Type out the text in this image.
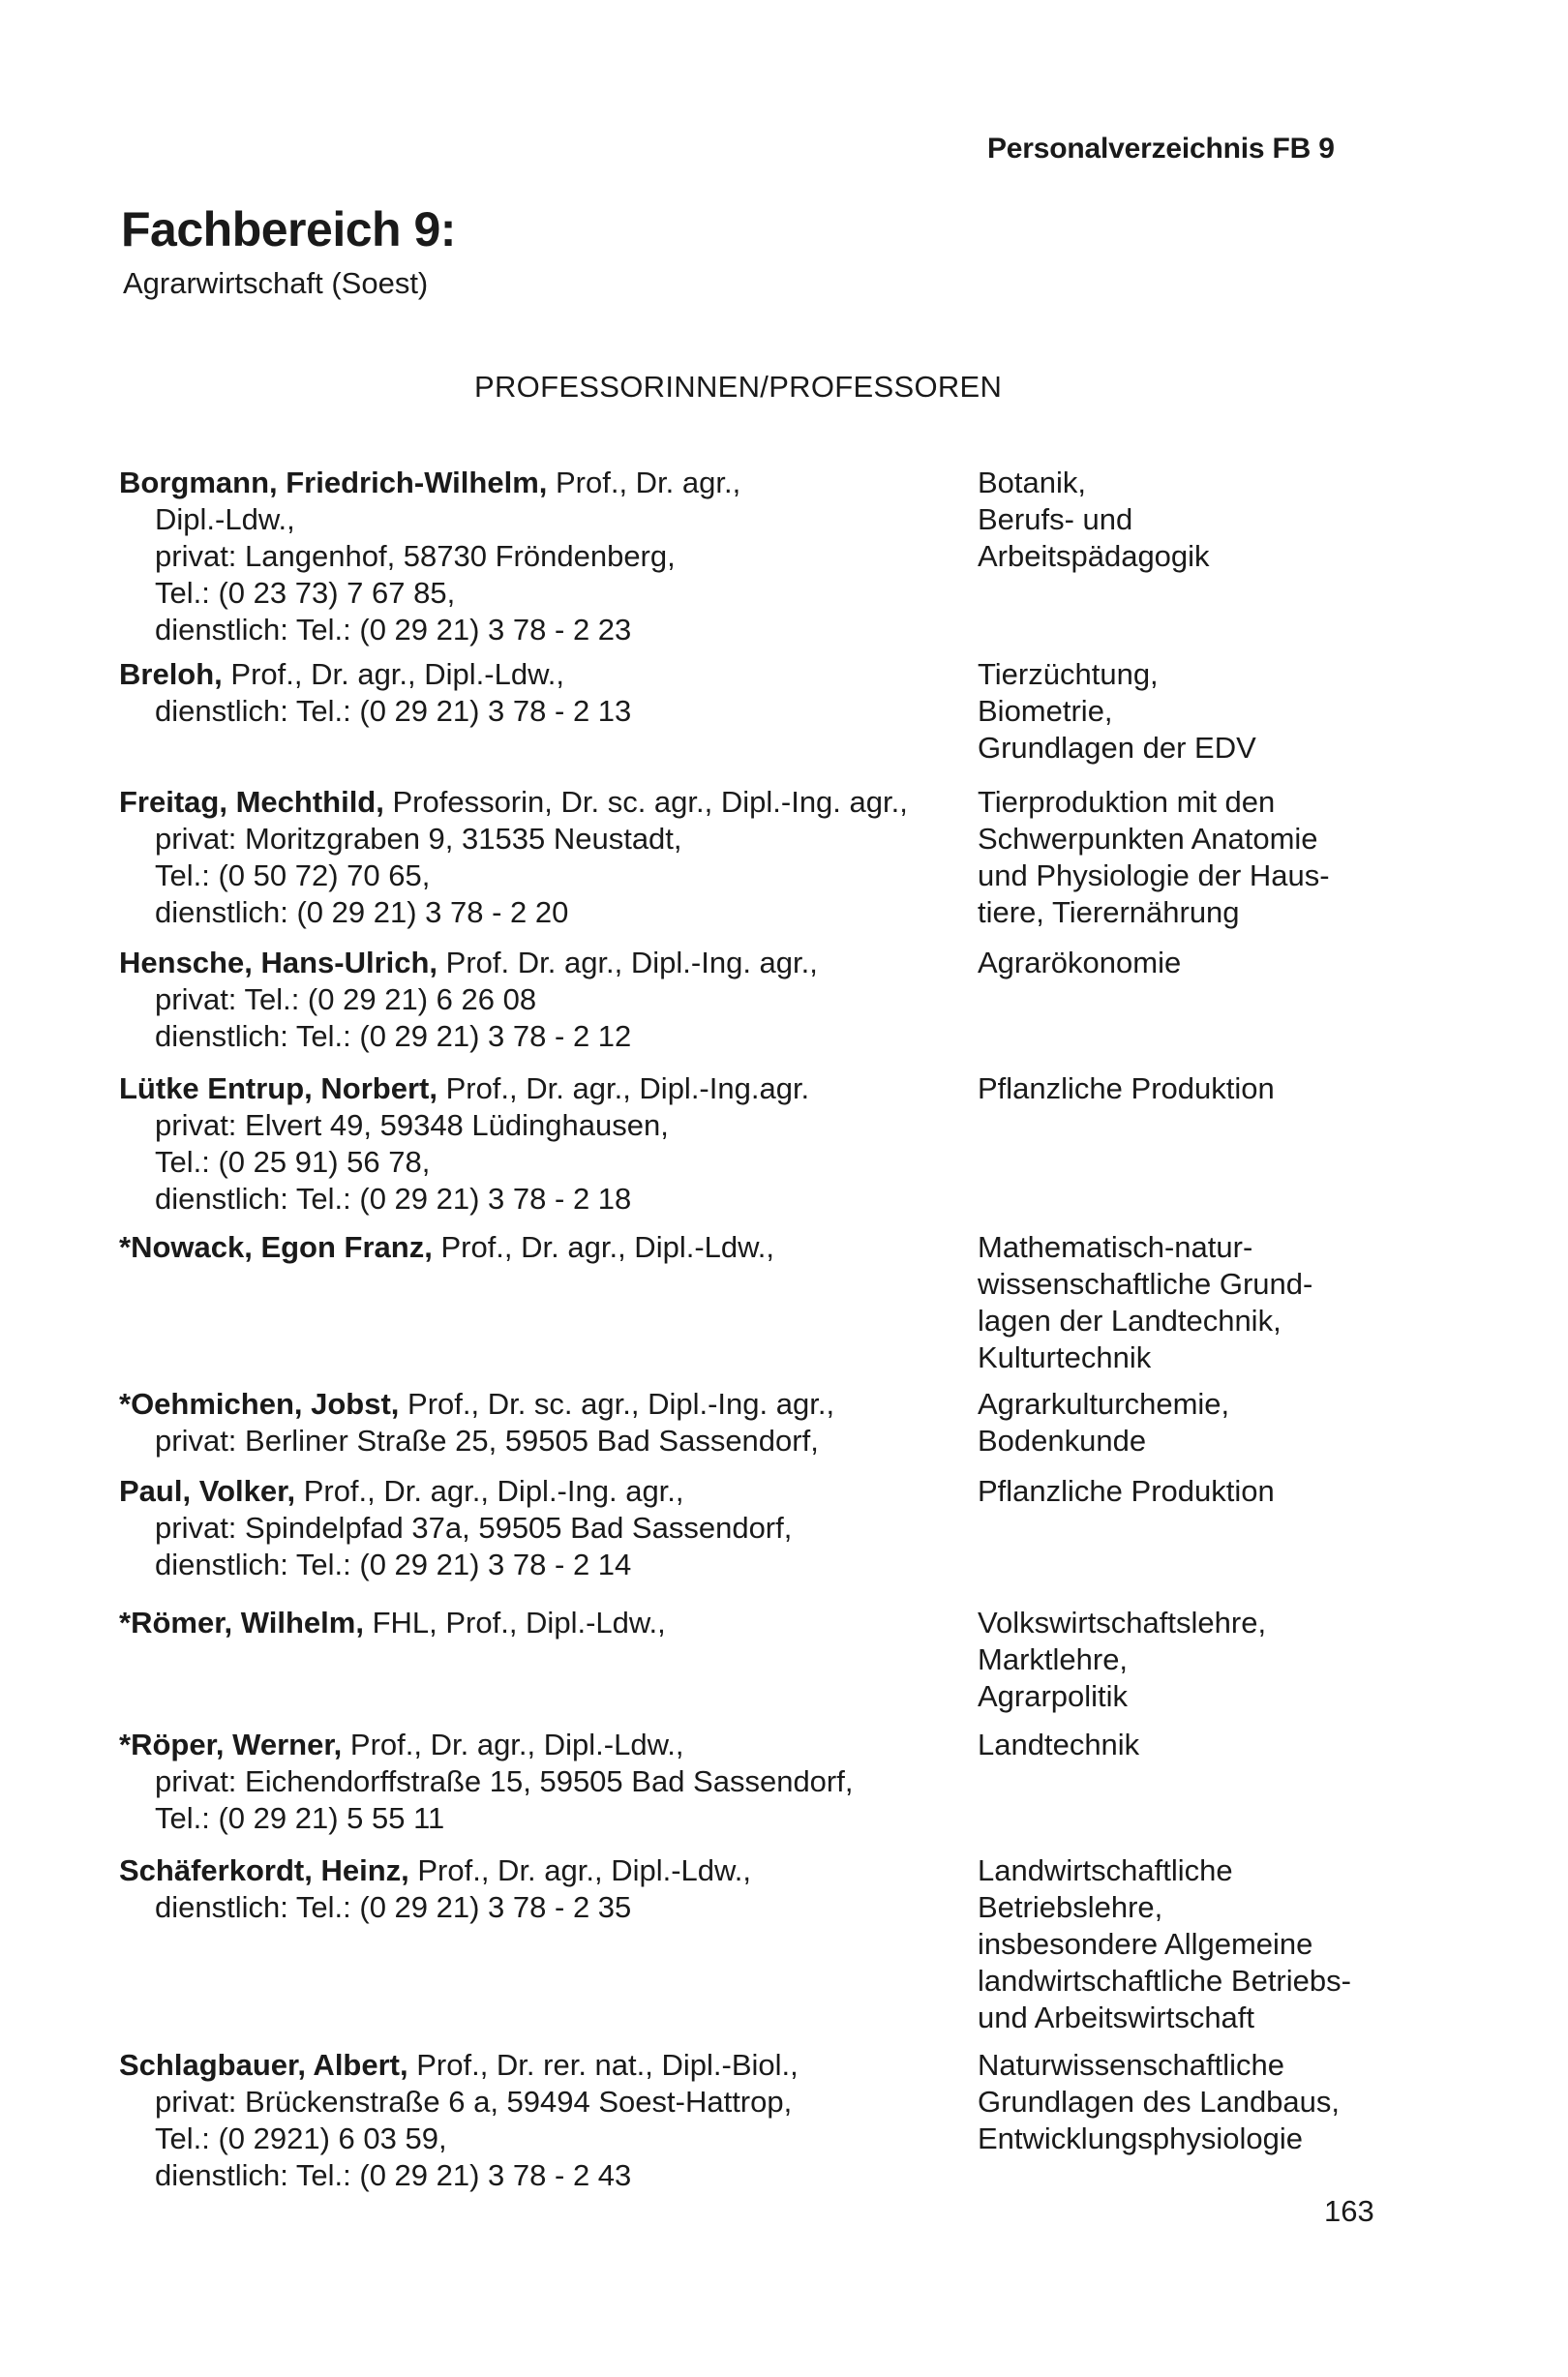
Personalverzeichnis FB 9
Fachbereich 9:
Agrarwirtschaft (Soest)
PROFESSORINNEN/PROFESSOREN
Borgmann, Friedrich-Wilhelm, Prof., Dr. agr.,
Dipl.-Ldw.,
privat: Langenhof, 58730 Fröndenberg,
Tel.: (0 23 73) 7 67 85,
dienstlich: Tel.: (0 29 21) 3 78 - 2 23
Botanik,
Berufs- und
Arbeitspädagogik
Breloh, Prof., Dr. agr., Dipl.-Ldw.,
dienstlich: Tel.: (0 29 21) 3 78 - 2 13
Tierzüchtung,
Biometrie,
Grundlagen der EDV
Freitag, Mechthild, Professorin, Dr. sc. agr., Dipl.-Ing. agr.,
privat: Moritzgraben 9, 31535 Neustadt,
Tel.: (0 50 72) 70 65,
dienstlich: (0 29 21) 3 78 - 2 20
Tierproduktion mit den
Schwerpunkten Anatomie
und Physiologie der Haus-
tiere, Tierernährung
Hensche, Hans-Ulrich, Prof. Dr. agr., Dipl.-Ing. agr.,
privat: Tel.: (0 29 21) 6 26 08
dienstlich: Tel.: (0 29 21) 3 78 - 2 12
Agrarökonomie
Lütke Entrup, Norbert, Prof., Dr. agr., Dipl.-Ing.agr.
privat: Elvert 49, 59348 Lüdinghausen,
Tel.: (0 25 91) 56 78,
dienstlich: Tel.: (0 29 21) 3 78 - 2 18
Pflanzliche Produktion
*Nowack, Egon Franz, Prof., Dr. agr., Dipl.-Ldw.,	Mathematisch-natur-
wissenschaftliche Grund-
lagen der Landtechnik,
Kulturtechnik
*Oehmichen, Jobst, Prof., Dr. sc. agr., Dipl.-Ing. agr.,
privat: Berliner Straße 25, 59505 Bad Sassendorf,
Agrarkulturchemie,
Bodenkunde
Paul, Volker, Prof., Dr. agr., Dipl.-Ing. agr.,
privat: Spindelpfad 37a, 59505 Bad Sassendorf,
dienstlich: Tel.: (0 29 21) 3 78 - 2 14
Pflanzliche Produktion
*Römer, Wilhelm, FHL, Prof., Dipl.-Ldw.,	Volkswirtschaftslehre,
Marktlehre,
Agrarpolitik
*Röper, Werner, Prof., Dr. agr., Dipl.-Ldw.,
privat: Eichendorffstraße 15, 59505 Bad Sassendorf,
Tel.: (0 29 21) 5 55 11
Landtechnik
Schäferkordt, Heinz, Prof., Dr. agr., Dipl.-Ldw.,
dienstlich: Tel.: (0 29 21) 3 78 - 2 35
Landwirtschaftliche
Betriebslehre,
insbesondere Allgemeine
landwirtschaftliche Betriebs-
und Arbeitswirtschaft
Schlagbauer, Albert, Prof., Dr. rer. nat., Dipl.-Biol.,
privat: Brückenstraße 6 a, 59494 Soest-Hattrop,
Tel.: (0 2921) 6 03 59,
dienstlich: Tel.: (0 29 21) 3 78 - 2 43
Naturwissenschaftliche
Grundlagen des Landbaus,
Entwicklungsphysiologie
163
